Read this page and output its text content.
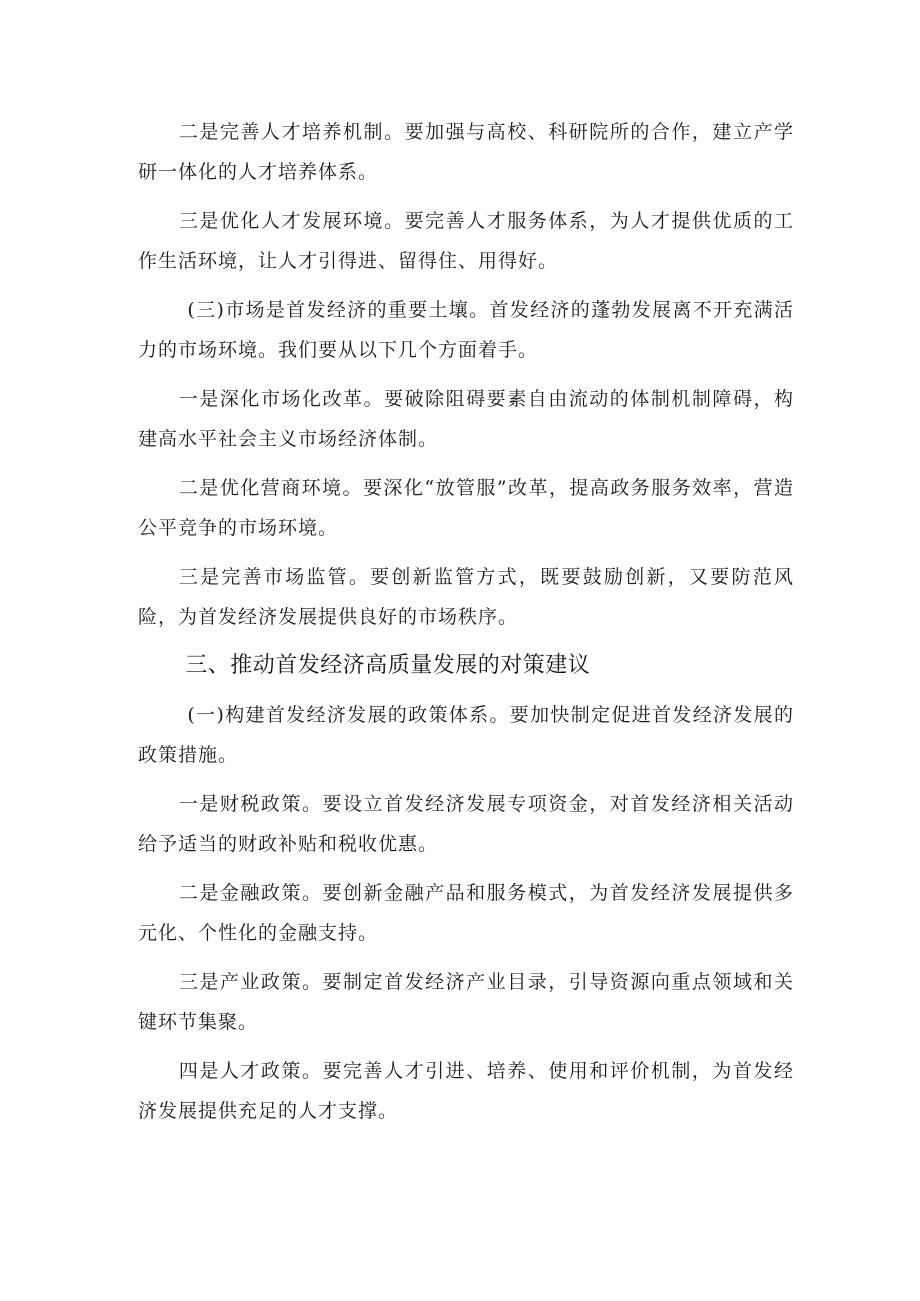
二是完善人才培养机制。要加强与高校、科研院所的合作，建立产学研一体化的人才培养体系。

三是优化人才发展环境。要完善人才服务体系，为人才提供优质的工作生活环境，让人才引得进、留得住、用得好。

(三)市场是首发经济的重要土壤。首发经济的蓬勃发展离不开充满活力的市场环境。我们要从以下几个方面着手。

一是深化市场化改革。要破除阻碍要素自由流动的体制机制障碍，构建高水平社会主义市场经济体制。

二是优化营商环境。要深化“放管服”改革，提高政务服务效率，营造公平竞争的市场环境。

三是完善市场监管。要创新监管方式，既要鼓励创新，又要防范风险，为首发经济发展提供良好的市场秩序。

三、推动首发经济高质量发展的对策建议

(一)构建首发经济发展的政策体系。要加快制定促进首发经济发展的政策措施。

一是财税政策。要设立首发经济发展专项资金，对首发经济相关活动给予适当的财政补贴和税收优惠。

二是金融政策。要创新金融产品和服务模式，为首发经济发展提供多元化、个性化的金融支持。

三是产业政策。要制定首发经济产业目录，引导资源向重点领域和关键环节集聚。

四是人才政策。要完善人才引进、培养、使用和评价机制，为首发经济发展提供充足的人才支撑。
